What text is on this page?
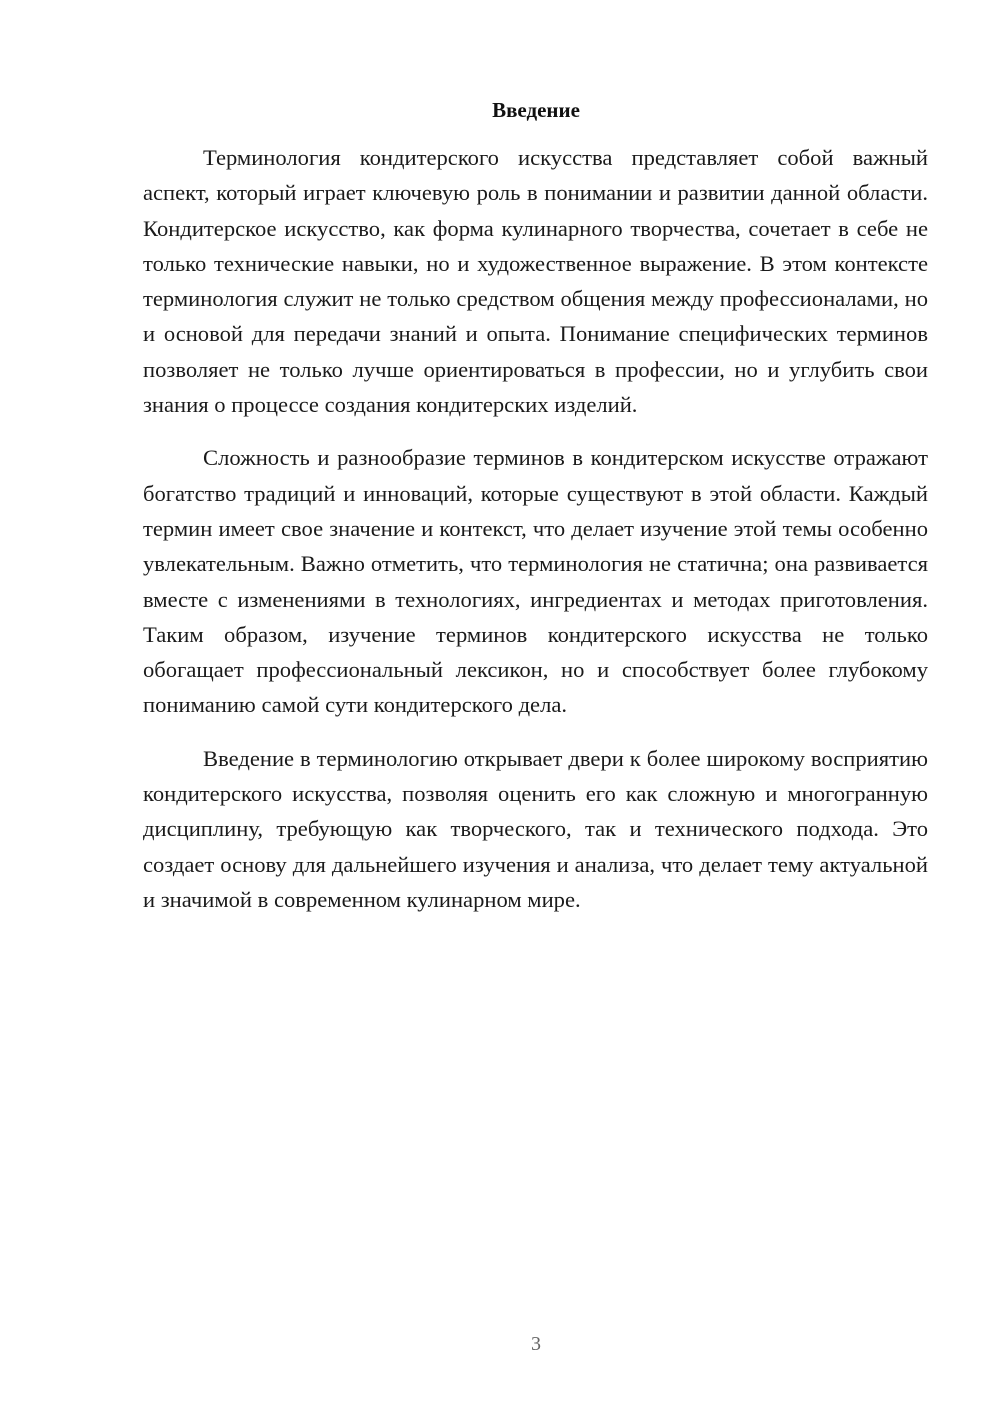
Введение

Терминология кондитерского искусства представляет собой важный аспект, который играет ключевую роль в понимании и развитии данной области. Кондитерское искусство, как форма кулинарного творчества, сочетает в себе не только технические навыки, но и художественное выражение. В этом контексте терминология служит не только средством общения между профессионалами, но и основой для передачи знаний и опыта. Понимание специфических терминов позволяет не только лучше ориентироваться в профессии, но и углубить свои знания о процессе создания кондитерских изделий.

Сложность и разнообразие терминов в кондитерском искусстве отражают богатство традиций и инноваций, которые существуют в этой области. Каждый термин имеет свое значение и контекст, что делает изучение этой темы особенно увлекательным. Важно отметить, что терминология не статична; она развивается вместе с изменениями в технологиях, ингредиентах и методах приготовления. Таким образом, изучение терминов кондитерского искусства не только обогащает профессиональный лексикон, но и способствует более глубокому пониманию самой сути кондитерского дела.

Введение в терминологию открывает двери к более широкому восприятию кондитерского искусства, позволяя оценить его как сложную и многогранную дисциплину, требующую как творческого, так и технического подхода. Это создает основу для дальнейшего изучения и анализа, что делает тему актуальной и значимой в современном кулинарном мире.

3
